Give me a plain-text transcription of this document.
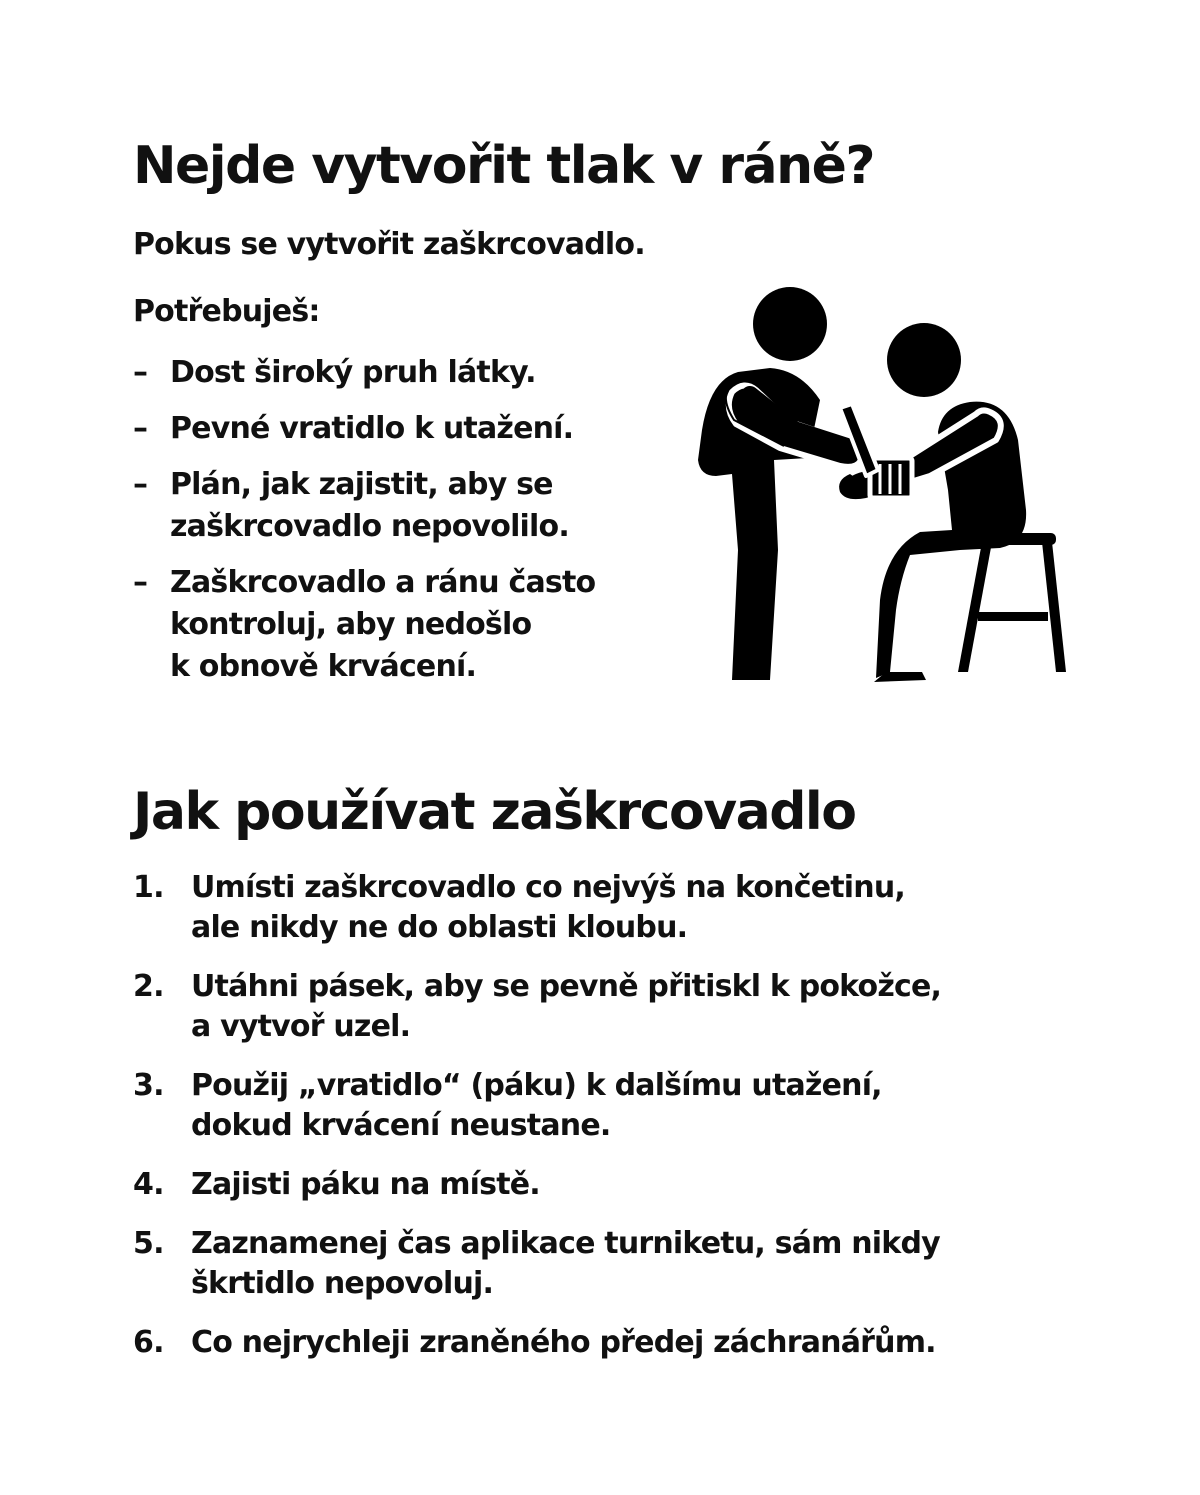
Nejde vytvořit tlak v ráně?

Pokus se vytvořit zaškrcovadlo.

Potřebuješ:

– Dost široký pruh látky.
– Pevné vratidlo k utažení.
– Plán, jak zajistit, aby se
zaškrcovadlo nepovolilo.
– Zaškrcovadlo a ránu často
kontroluj, aby nedošlo
k obnově krvácení.
Jak používat zaškrcovadlo
1. Umísti zaškrcovadlo co nejvýš na končetinu,
ale nikdy ne do oblasti kloubu.
2. Utáhni pásek, aby se pevně přitiskl k pokožce,
a vytvoř uzel.
3. Použij „vratidlo“ (páku) k dalšímu utažení,
dokud krvácení neustane.
4. Zajisti páku na místě.
5. Zaznamenej čas aplikace turniketu, sám nikdy
škrtidlo nepovoluj.
6. Co nejrychleji zraněného předej záchranářům.
